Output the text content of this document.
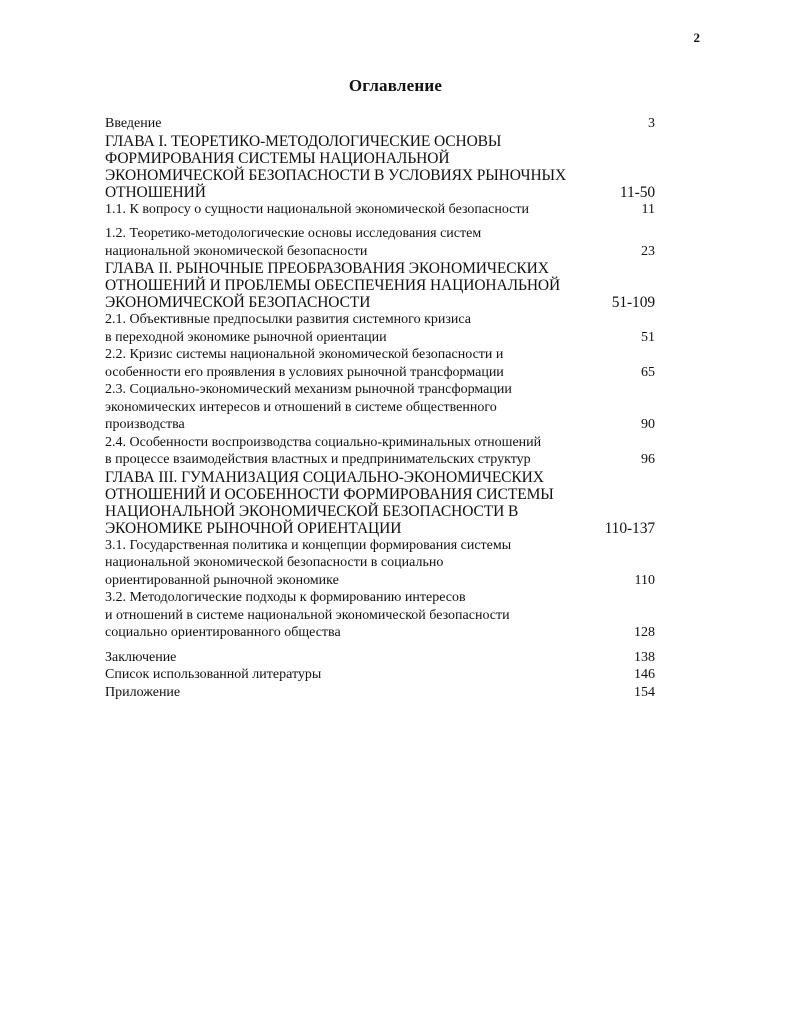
2
Оглавление
Введение	3
ГЛАВА I. ТЕОРЕТИКО-МЕТОДОЛОГИЧЕСКИЕ ОСНОВЫ
ФОРМИРОВАНИЯ СИСТЕМЫ НАЦИОНАЛЬНОЙ
ЭКОНОМИЧЕСКОЙ БЕЗОПАСНОСТИ В УСЛОВИЯХ РЫНОЧНЫХ
ОТНОШЕНИЙ	11-50
1.1. К вопросу о сущности национальной экономической безопасности	11
1.2. Теоретико-методологические основы исследования систем
национальной экономической безопасности	23
ГЛАВА II. РЫНОЧНЫЕ ПРЕОБРАЗОВАНИЯ ЭКОНОМИЧЕСКИХ
ОТНОШЕНИЙ И ПРОБЛЕМЫ ОБЕСПЕЧЕНИЯ НАЦИОНАЛЬНОЙ
ЭКОНОМИЧЕСКОЙ БЕЗОПАСНОСТИ	51-109
2.1. Объективные предпосылки развития системного кризиса
в переходной экономике рыночной ориентации	51
2.2. Кризис системы национальной экономической безопасности и
особенности его проявления в условиях рыночной трансформации	65
2.3. Социально-экономический механизм рыночной трансформации
экономических интересов и отношений в системе общественного
производства	90
2.4. Особенности воспроизводства социально-криминальных отношений
в процессе взаимодействия властных и предпринимательских структур	96
ГЛАВА III. ГУМАНИЗАЦИЯ СОЦИАЛЬНО-ЭКОНОМИЧЕСКИХ
ОТНОШЕНИЙ И ОСОБЕННОСТИ ФОРМИРОВАНИЯ СИСТЕМЫ
НАЦИОНАЛЬНОЙ ЭКОНОМИЧЕСКОЙ БЕЗОПАСНОСТИ В
ЭКОНОМИКЕ РЫНОЧНОЙ ОРИЕНТАЦИИ	110-137
3.1. Государственная политика и концепции формирования системы
национальной экономической безопасности в социально
ориентированной рыночной экономике	110
3.2. Методологические подходы к формированию интересов
и отношений в системе национальной экономической безопасности
социально ориентированного общества	128
Заключение	138
Список использованной литературы	146
Приложение	154
